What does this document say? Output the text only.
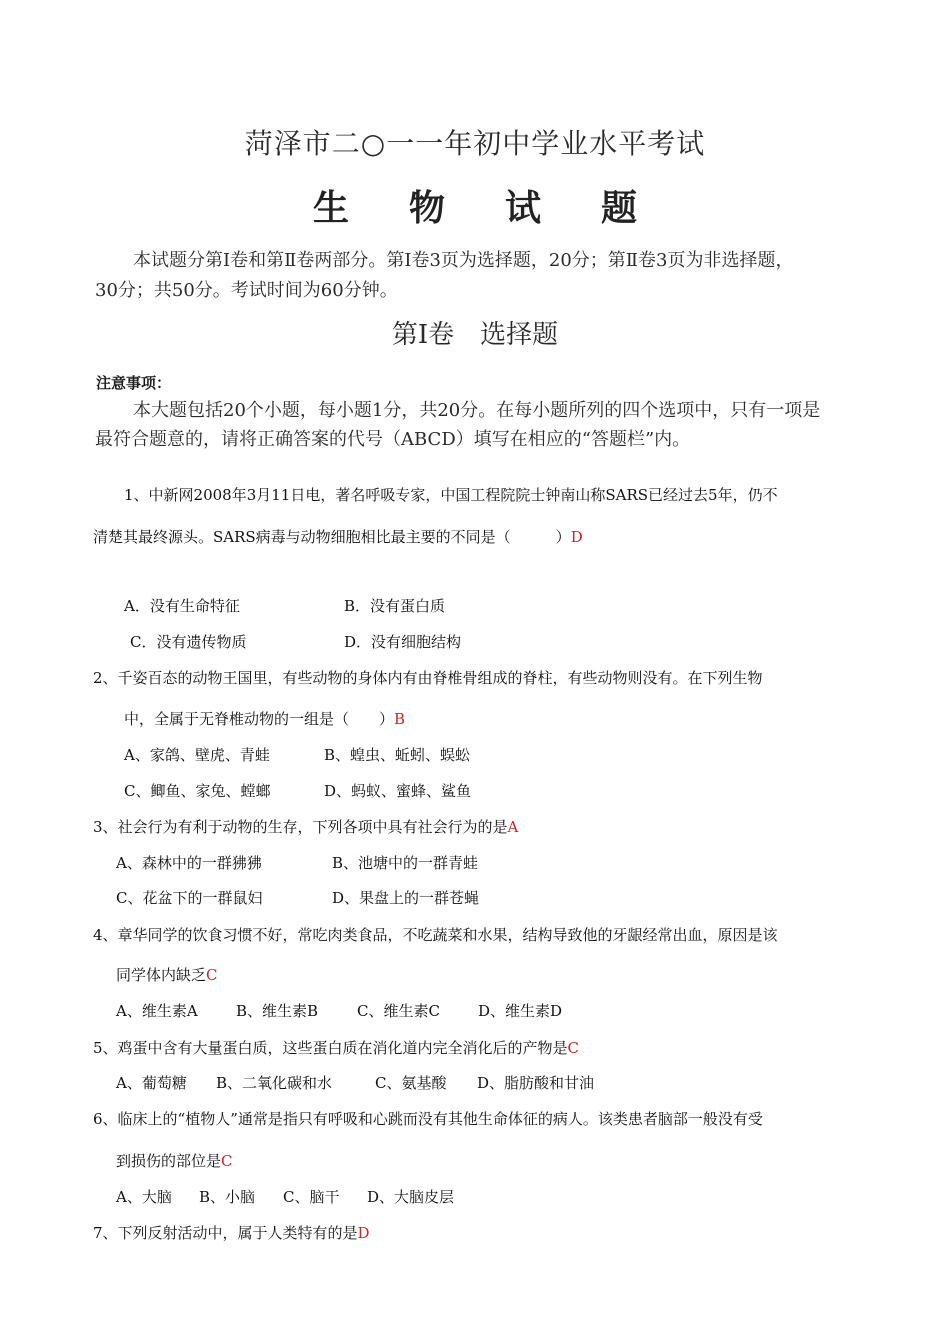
菏泽市二○一一年初中学业水平考试
生 物 试 题
本试题分第Ⅰ卷和第Ⅱ卷两部分。第Ⅰ卷3页为选择题，20分；第Ⅱ卷3页为非选择题，
30分；共50分。考试时间为60分钟。
第Ⅰ卷　选择题
注意事项：
本大题包括20个小题，每小题1分，共20分。在每小题所列的四个选项中，只有一项是
最符合题意的，请将正确答案的代号（ABCD）填写在相应的“答题栏”内。
1、中新网2008年3月11日电，著名呼吸专家，中国工程院院士钟南山称SARS已经过去5年，仍不
清楚其最终源头。SARS病毒与动物细胞相比最主要的不同是（　　　）D
A．没有生命特征	B．没有蛋白质
C．没有遗传物质	D．没有细胞结构
2、千姿百态的动物王国里，有些动物的身体内有由脊椎骨组成的脊柱，有些动物则没有。在下列生物
中，全属于无脊椎动物的一组是（　　）B
A、家鸽、壁虎、青蛙	B、蝗虫、蚯蚓、蜈蚣
C、鲫鱼、家兔、螳螂	D、蚂蚁、蜜蜂、鲨鱼
3、社会行为有利于动物的生存，下列各项中具有社会行为的是A
A、森林中的一群狒狒	B、池塘中的一群青蛙
C、花盆下的一群鼠妇	D、果盘上的一群苍蝇
4、章华同学的饮食习惯不好，常吃肉类食品，不吃蔬菜和水果，结构导致他的牙龈经常出血，原因是该
同学体内缺乏C
A、维生素A	B、维生素B	C、维生素C	D、维生素D
5、鸡蛋中含有大量蛋白质，这些蛋白质在消化道内完全消化后的产物是C
A、葡萄糖 B、二氧化碳和水	C、氨基酸 D、脂肪酸和甘油
6、临床上的“植物人”通常是指只有呼吸和心跳而没有其他生命体征的病人。该类患者脑部一般没有受
到损伤的部位是C
A、大脑 B、小脑 C、脑干 D、大脑皮层
7、下列反射活动中，属于人类特有的是D
